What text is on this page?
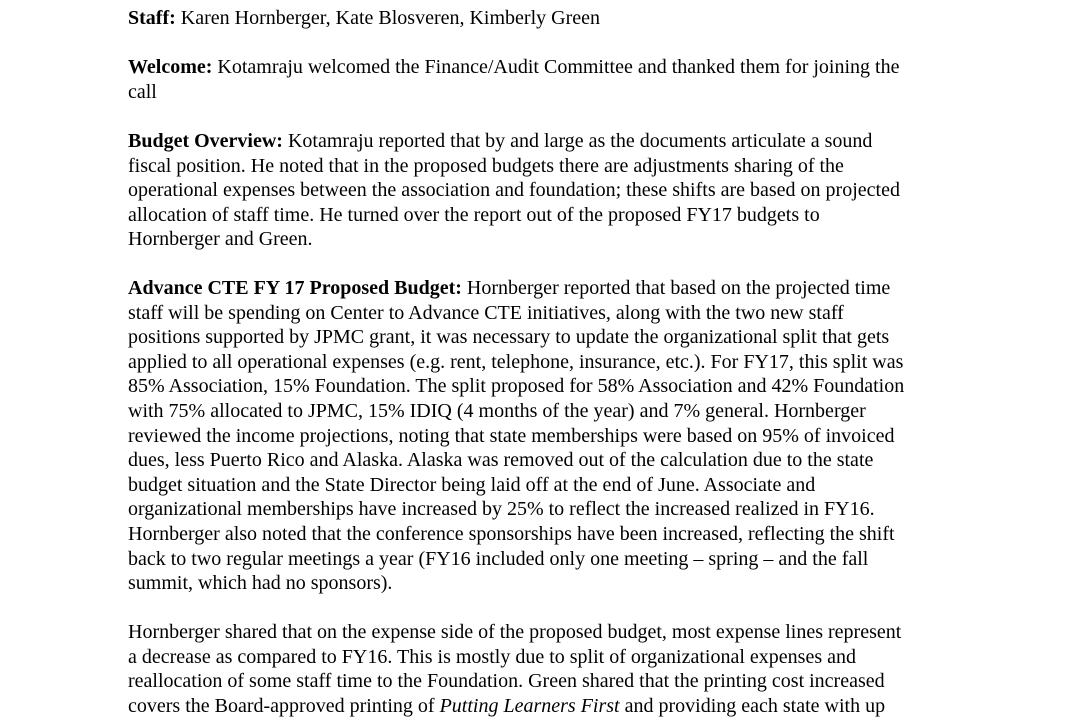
Staff: Karen Hornberger, Kate Blosveren, Kimberly Green

Welcome: Kotamraju welcomed the Finance/Audit Committee and thanked them for joining the
call

Budget Overview: Kotamraju reported that by and large as the documents articulate a sound
fiscal position. He noted that in the proposed budgets there are adjustments sharing of the
operational expenses between the association and foundation; these shifts are based on projected
allocation of staff time. He turned over the report out of the proposed FY17 budgets to
Hornberger and Green.

Advance CTE FY 17 Proposed Budget: Hornberger reported that based on the projected time
staff will be spending on Center to Advance CTE initiatives, along with the two new staff
positions supported by JPMC grant, it was necessary to update the organizational split that gets
applied to all operational expenses (e.g. rent, telephone, insurance, etc.). For FY17, this split was
85% Association, 15% Foundation. The split proposed for 58% Association and 42% Foundation
with 75% allocated to JPMC, 15% IDIQ (4 months of the year) and 7% general. Hornberger
reviewed the income projections, noting that state memberships were based on 95% of invoiced
dues, less Puerto Rico and Alaska. Alaska was removed out of the calculation due to the state
budget situation and the State Director being laid off at the end of June. Associate and
organizational memberships have increased by 25% to reflect the increased realized in FY16.
Hornberger also noted that the conference sponsorships have been increased, reflecting the shift
back to two regular meetings a year (FY16 included only one meeting – spring – and the fall
summit, which had no sponsors).

Hornberger shared that on the expense side of the proposed budget, most expense lines represent
a decrease as compared to FY16. This is mostly due to split of organizational expenses and
reallocation of some staff time to the Foundation. Green shared that the printing cost increased
covers the Board-approved printing of Putting Learners First and providing each state with up
